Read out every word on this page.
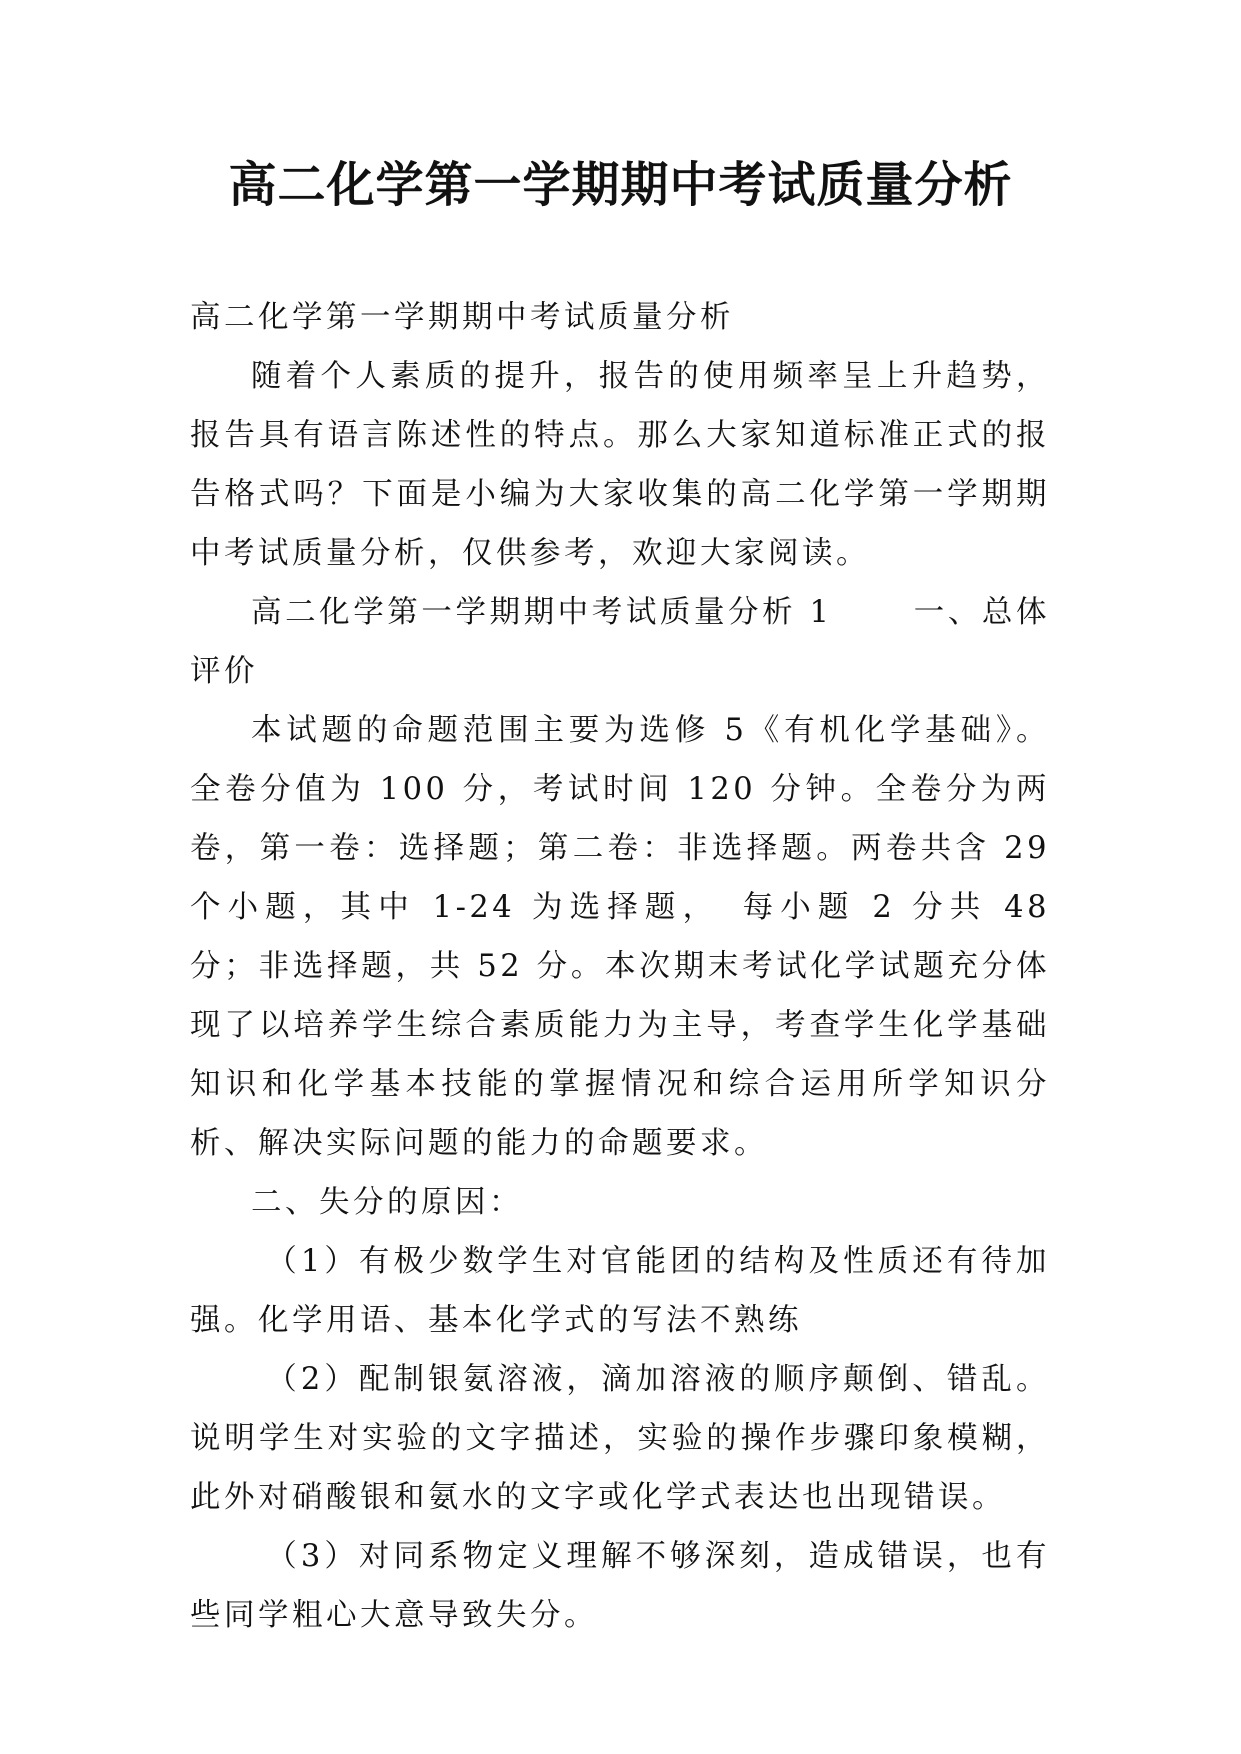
高二化学第一学期期中考试质量分析

高二化学第一学期期中考试质量分析

随着个人素质的提升，报告的使用频率呈上升趋势，报告具有语言陈述性的特点。那么大家知道标准正式的报告格式吗？下面是小编为大家收集的高二化学第一学期期中考试质量分析，仅供参考，欢迎大家阅读。

高二化学第一学期期中考试质量分析 1 　　一、总体评价

本试题的命题范围主要为选修 5《有机化学基础》。全卷分值为 100 分，考试时间 120 分钟。全卷分为两卷，第一卷：选择题；第二卷：非选择题。两卷共含 29 个小题，其中 1-24 为选择题，　每小题 2 分共 48 分；非选择题，共 52 分。本次期末考试化学试题充分体现了以培养学生综合素质能力为主导，考查学生化学基础知识和化学基本技能的掌握情况和综合运用所学知识分析、解决实际问题的能力的命题要求。

二、失分的原因：

（1）有极少数学生对官能团的结构及性质还有待加强。化学用语、基本化学式的写法不熟练

（2）配制银氨溶液，滴加溶液的顺序颠倒、错乱。说明学生对实验的文字描述，实验的操作步骤印象模糊，此外对硝酸银和氨水的文字或化学式表达也出现错误。

（3）对同系物定义理解不够深刻，造成错误，也有些同学粗心大意导致失分。
